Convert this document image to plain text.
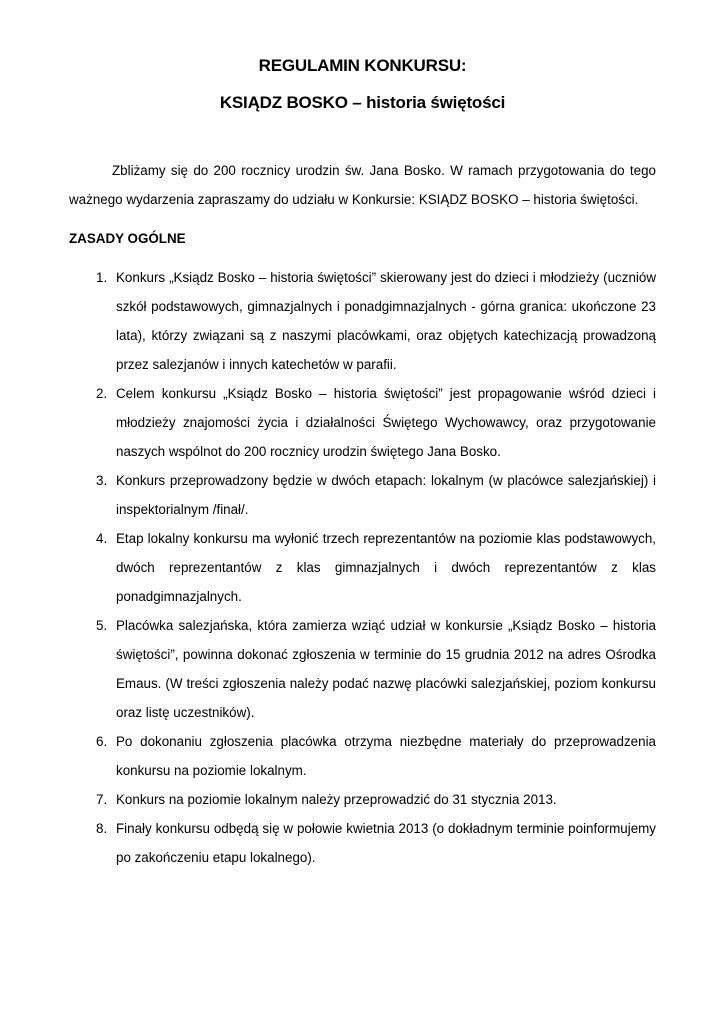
REGULAMIN KONKURSU:
KSIĄDZ BOSKO – historia świętości

Zbliżamy się do 200 rocznicy urodzin św. Jana Bosko. W ramach przygotowania do tego ważnego wydarzenia zapraszamy do udziału w Konkursie: KSIĄDZ BOSKO – historia świętości.

ZASADY OGÓLNE

1. Konkurs „Ksiądz Bosko – historia świętości” skierowany jest do dzieci i młodzieży (uczniów szkół podstawowych, gimnazjalnych i ponadgimnazjalnych - górna granica: ukończone 23 lata), którzy związani są z naszymi placówkami, oraz objętych katechizacją prowadzoną przez salezjanów i innych katechetów w parafii.
2. Celem konkursu „Ksiądz Bosko – historia świętości” jest propagowanie wśród dzieci i młodzieży znajomości życia i działalności Świętego Wychowawcy, oraz przygotowanie naszych wspólnot do 200 rocznicy urodzin świętego Jana Bosko.
3. Konkurs przeprowadzony będzie w dwóch etapach: lokalnym (w placówce salezjańskiej) i inspektorialnym /finał/.
4. Etap lokalny konkursu ma wyłonić trzech reprezentantów na poziomie klas podstawowych, dwóch reprezentantów z klas gimnazjalnych i dwóch reprezentantów z klas ponadgimnazjalnych.
5. Placówka salezjańska, która zamierza wziąć udział w konkursie „Ksiądz Bosko – historia świętości”, powinna dokonać zgłoszenia w terminie do 15 grudnia 2012 na adres Ośrodka Emaus. (W treści zgłoszenia należy podać nazwę placówki salezjańskiej, poziom konkursu oraz listę uczestników).
6. Po dokonaniu zgłoszenia placówka otrzyma niezbędne materiały do przeprowadzenia konkursu na poziomie lokalnym.
7. Konkurs na poziomie lokalnym należy przeprowadzić do 31 stycznia 2013.
8. Finały konkursu odbędą się w połowie kwietnia 2013 (o dokładnym terminie poinformujemy po zakończeniu etapu lokalnego).
